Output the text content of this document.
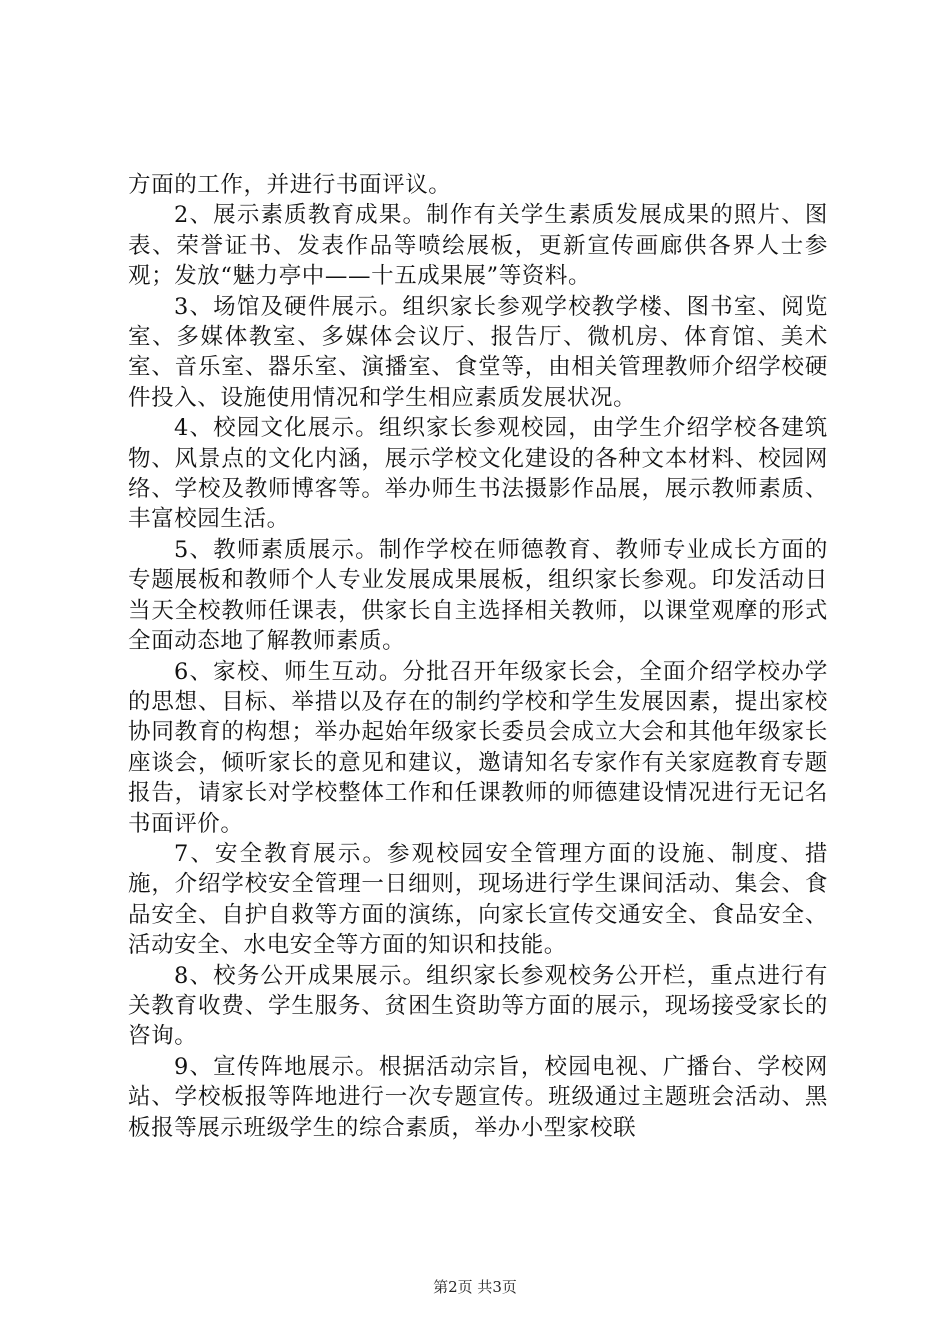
方面的工作，并进行书面评议。

2、展示素质教育成果。制作有关学生素质发展成果的照片、图表、荣誉证书、发表作品等喷绘展板，更新宣传画廊供各界人士参观；发放“魅力亭中——十五成果展”等资料。

3、场馆及硬件展示。组织家长参观学校教学楼、图书室、阅览室、多媒体教室、多媒体会议厅、报告厅、微机房、体育馆、美术室、音乐室、器乐室、演播室、食堂等，由相关管理教师介绍学校硬件投入、设施使用情况和学生相应素质发展状况。

4、校园文化展示。组织家长参观校园，由学生介绍学校各建筑物、风景点的文化内涵，展示学校文化建设的各种文本材料、校园网络、学校及教师博客等。举办师生书法摄影作品展，展示教师素质、丰富校园生活。

5、教师素质展示。制作学校在师德教育、教师专业成长方面的专题展板和教师个人专业发展成果展板，组织家长参观。印发活动日当天全校教师任课表，供家长自主选择相关教师，以课堂观摩的形式全面动态地了解教师素质。

6、家校、师生互动。分批召开年级家长会，全面介绍学校办学的思想、目标、举措以及存在的制约学校和学生发展因素，提出家校协同教育的构想；举办起始年级家长委员会成立大会和其他年级家长座谈会，倾听家长的意见和建议，邀请知名专家作有关家庭教育专题报告，请家长对学校整体工作和任课教师的师德建设情况进行无记名书面评价。

7、安全教育展示。参观校园安全管理方面的设施、制度、措施，介绍学校安全管理一日细则，现场进行学生课间活动、集会、食品安全、自护自救等方面的演练，向家长宣传交通安全、食品安全、活动安全、水电安全等方面的知识和技能。

8、校务公开成果展示。组织家长参观校务公开栏，重点进行有关教育收费、学生服务、贫困生资助等方面的展示，现场接受家长的咨询。

9、宣传阵地展示。根据活动宗旨，校园电视、广播台、学校网站、学校板报等阵地进行一次专题宣传。班级通过主题班会活动、黑板报等展示班级学生的综合素质，举办小型家校联

第2页 共3页
